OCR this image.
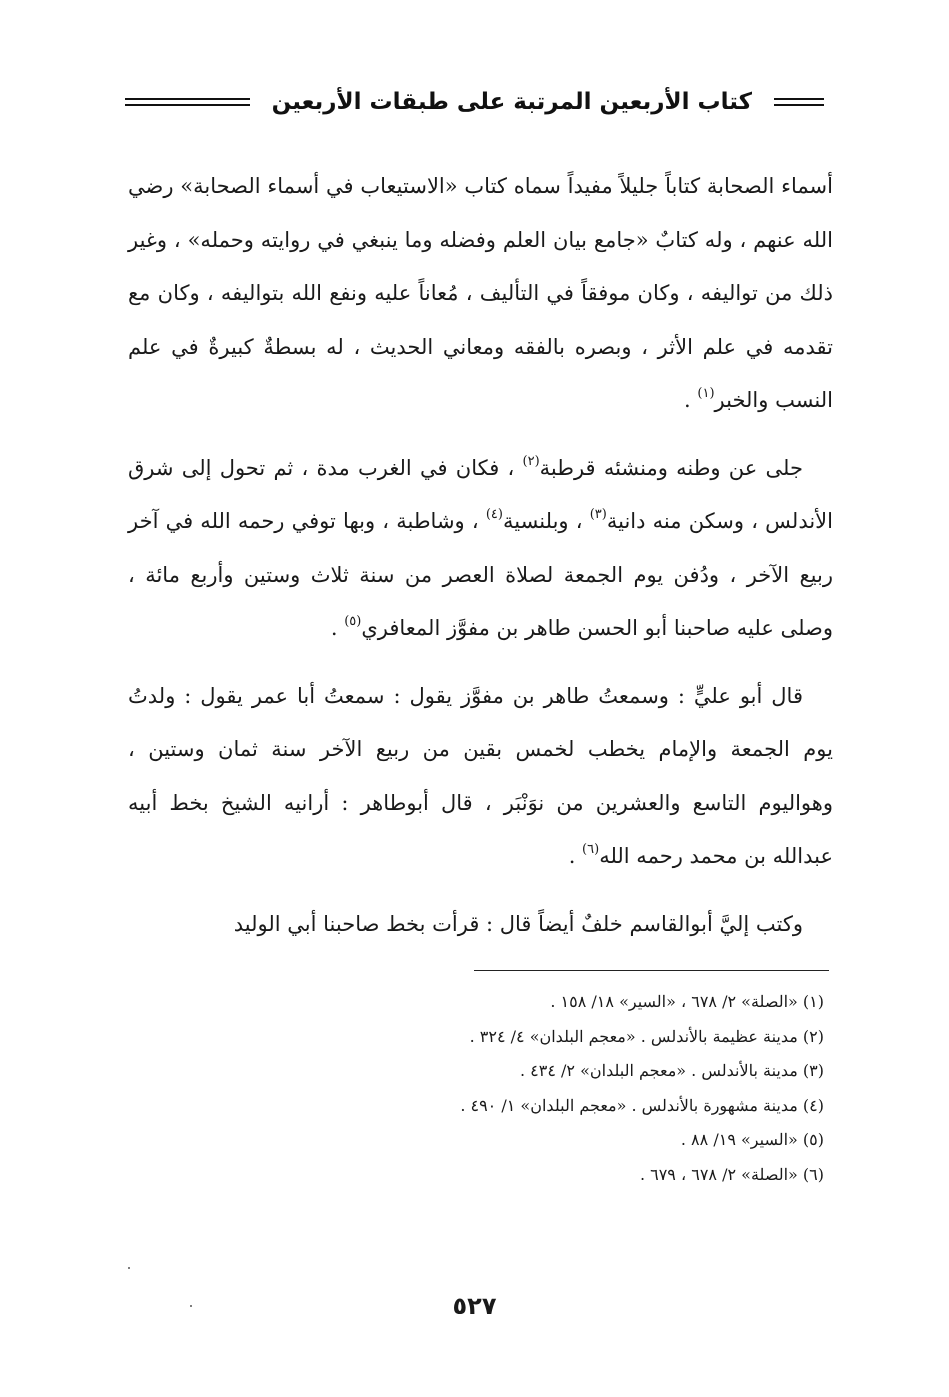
كتاب الأربعين المرتبة على طبقات الأربعين

أسماء الصحابة كتاباً جليلاً مفيداً سماه كتاب «الاستيعاب في أسماء الصحابة» رضي الله عنهم ، وله كتابٌ «جامع بيان العلم وفضله وما ينبغي في روايته وحمله» ، وغير ذلك من تواليفه ، وكان موفقاً في التأليف ، مُعاناً عليه ونفع الله بتواليفه ، وكان مع تقدمه في علم الأثر ، وبصره بالفقه ومعاني الحديث ، له بسطةٌ كبيرةٌ في علم النسب والخبر$^{(١)}$ .

جلى عن وطنه ومنشئه قرطبة$^{(٢)}$ ، فكان في الغرب مدة ، ثم تحول إلى شرق الأندلس ، وسكن منه دانية$^{(٣)}$ ، وبلنسية$^{(٤)}$ ، وشاطبة ، وبها توفي رحمه الله في آخر ربيع الآخر ، ودُفن يوم الجمعة لصلاة العصر من سنة ثلاث وستين وأربع مائة ، وصلى عليه صاحبنا أبو الحسن طاهر بن مفوَّز المعافري$^{(٥)}$ .

قال أبو عليٍّ : وسمعتُ طاهر بن مفوَّز يقول : سمعتُ أبا عمر يقول : ولدتُ يوم الجمعة والإمام يخطب لخمس بقين من ربيع الآخر سنة ثمان وستين ، وهواليوم التاسع والعشرين من نوَنْبَر ، قال أبوطاهر : أرانيه الشيخ بخط أبيه عبدالله بن محمد رحمه الله$^{(٦)}$ .

وكتب إليَّ أبوالقاسم خلفٌ أيضاً قال : قرأت بخط صاحبنا أبي الوليد

(١) «الصلة» ٢/ ٦٧٨ ، «السير» ١٨/ ١٥٨ .
(٢) مدينة عظيمة بالأندلس . «معجم البلدان» ٤/ ٣٢٤ .
(٣) مدينة بالأندلس . «معجم البلدان» ٢/ ٤٣٤ .
(٤) مدينة مشهورة بالأندلس . «معجم البلدان» ١/ ٤٩٠ .
(٥) «السير» ١٩/ ٨٨ .
(٦) «الصلة» ٢/ ٦٧٨ ، ٦٧٩ .
٥٢٧
